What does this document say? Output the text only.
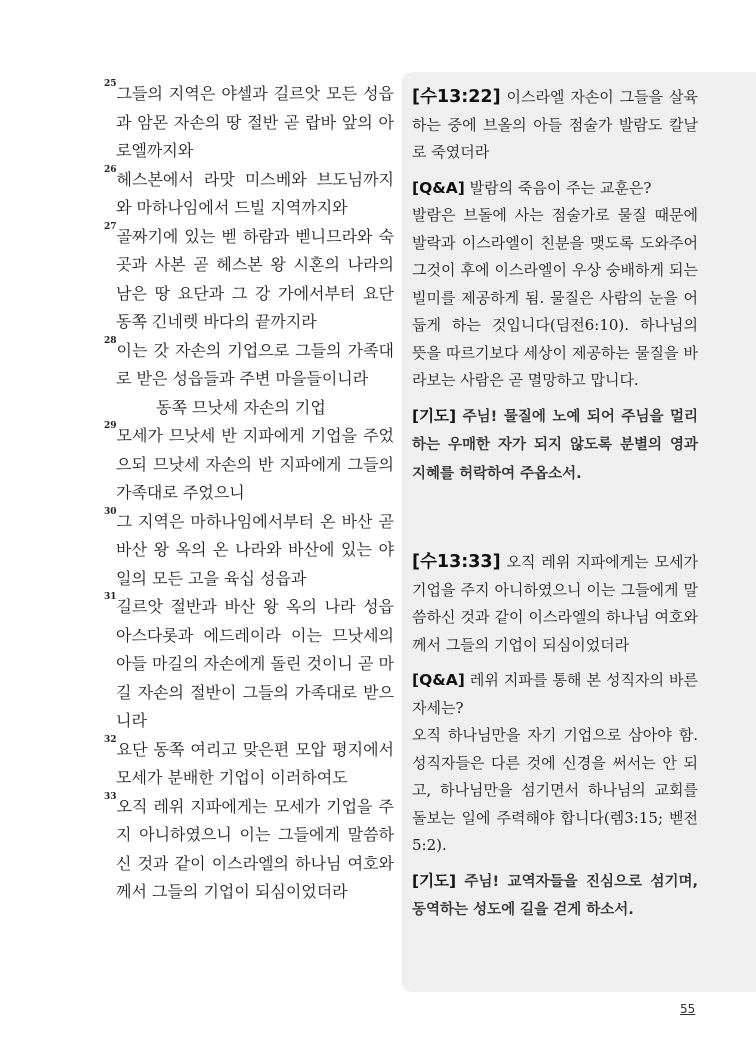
$^{25}$그들의 지역은 야셀과 길르앗 모든 성읍과 암몬 자손의 땅 절반 곧 랍바 앞의 아로엘까지와

$^{26}$헤스본에서 라맛 미스베와 브도님까지와 마하나임에서 드빌 지역까지와

$^{27}$골짜기에 있는 벧 하람과 벧니므라와 숙곳과 사본 곧 헤스본 왕 시혼의 나라의 남은 땅 요단과 그 강 가에서부터 요단 동쪽 긴네렛 바다의 끝까지라

$^{28}$이는 갓 자손의 기업으로 그들의 가족대로 받은 성읍들과 주변 마을들이니라
동쪽 므낫세 자손의 기업

$^{29}$모세가 므낫세 반 지파에게 기업을 주었으되 므낫세 자손의 반 지파에게 그들의 가족대로 주었으니

$^{30}$그 지역은 마하나임에서부터 온 바산 곧 바산 왕 옥의 온 나라와 바산에 있는 야일의 모든 고을 육십 성읍과

$^{31}$길르앗 절반과 바산 왕 옥의 나라 성읍 아스다롯과 에드레이라 이는 므낫세의 아들 마길의 자손에게 돌린 것이니 곧 마길 자손의 절반이 그들의 가족대로 받으니라

$^{32}$요단 동쪽 여리고 맞은편 모압 평지에서 모세가 분배한 기업이 이러하여도

$^{33}$오직 레위 지파에게는 모세가 기업을 주지 아니하였으니 이는 그들에게 말씀하신 것과 같이 이스라엘의 하나님 여호와께서 그들의 기업이 되심이었더라

[수13:22] 이스라엘 자손이 그들을 살육하는 중에 브올의 아들 점술가 발람도 칼날로 죽였더라

[Q&A] 발람의 죽음이 주는 교훈은?

발람은 브돌에 사는 점술가로 물질 때문에 발락과 이스라엘이 친분을 맺도록 도와주어 그것이 후에 이스라엘이 우상 숭배하게 되는 빌미를 제공하게 됨. 물질은 사람의 눈을 어둡게 하는 것입니다(딤전6:10). 하나님의 뜻을 따르기보다 세상이 제공하는 물질을 바라보는 사람은 곧 멸망하고 맙니다.

[기도] 주님! 물질에 노예 되어 주님을 멀리하는 우매한 자가 되지 않도록 분별의 영과 지혜를 허락하여 주옵소서.

[수13:33] 오직 레위 지파에게는 모세가 기업을 주지 아니하였으니 이는 그들에게 말씀하신 것과 같이 이스라엘의 하나님 여호와께서 그들의 기업이 되심이었더라

[Q&A] 레위 지파를 통해 본 성직자의 바른 자세는?

오직 하나님만을 자기 기업으로 삼아야 함. 성직자들은 다른 것에 신경을 써서는 안 되고, 하나님만을 섬기면서 하나님의 교회를 돌보는 일에 주력해야 합니다(렘3:15; 벧전5:2).

[기도] 주님! 교역자들을 진심으로 섬기며, 동역하는 성도에 길을 걷게 하소서.

55
